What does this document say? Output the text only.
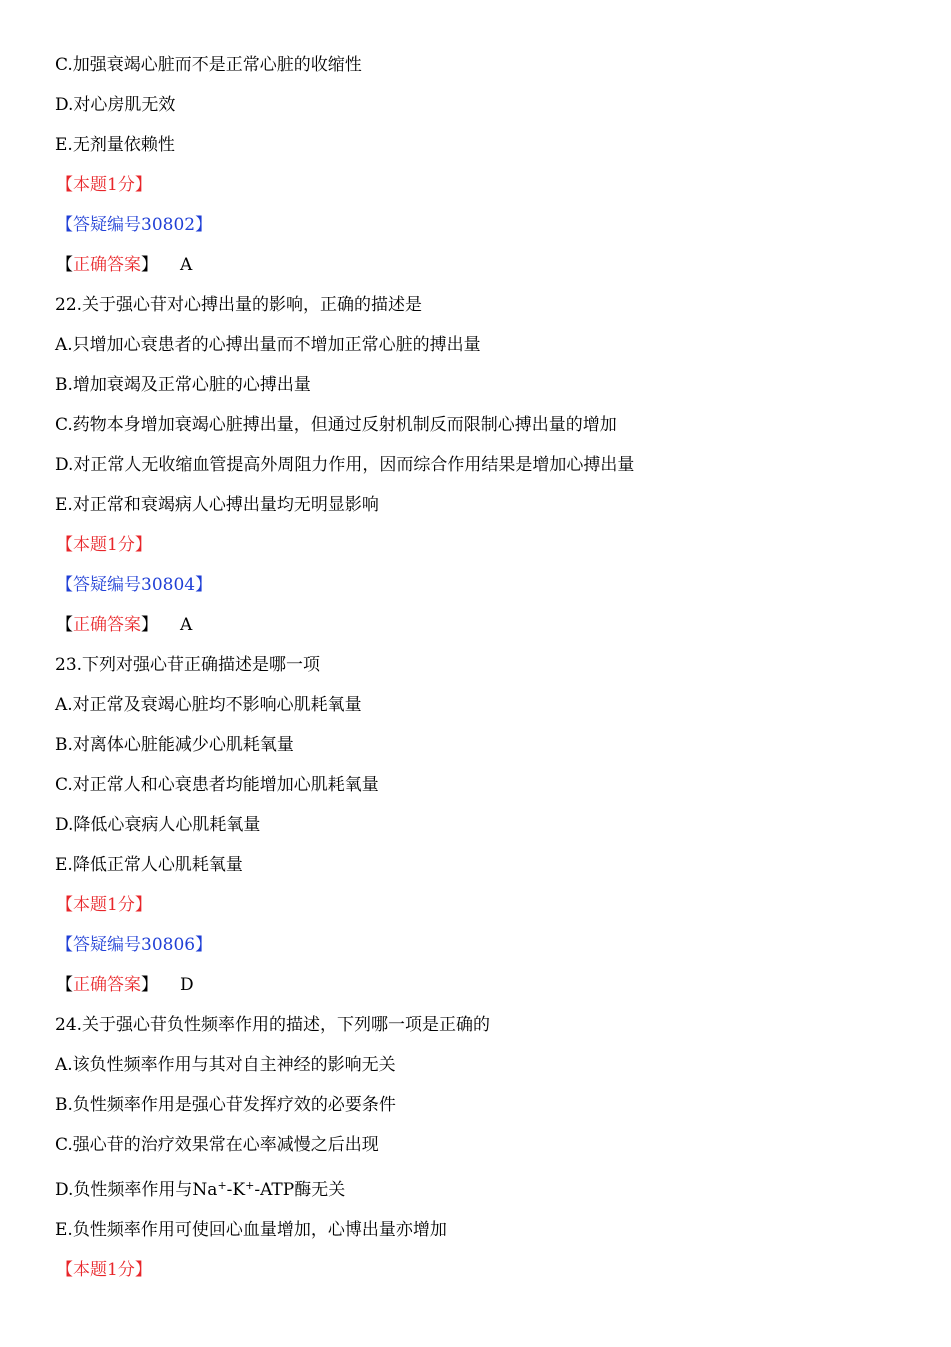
C.加强衰竭心脏而不是正常心脏的收缩性
D.对心房肌无效
E.无剂量依赖性
【本题1分】
【答疑编号30802】
【正确答案】 A
22.关于强心苷对心搏出量的影响，正确的描述是
A.只增加心衰患者的心搏出量而不增加正常心脏的搏出量
B.增加衰竭及正常心脏的心搏出量
C.药物本身增加衰竭心脏搏出量，但通过反射机制反而限制心搏出量的增加
D.对正常人无收缩血管提高外周阻力作用，因而综合作用结果是增加心搏出量
E.对正常和衰竭病人心搏出量均无明显影响
【本题1分】
【答疑编号30804】
【正确答案】 A
23.下列对强心苷正确描述是哪一项
A.对正常及衰竭心脏均不影响心肌耗氧量
B.对离体心脏能减少心肌耗氧量
C.对正常人和心衰患者均能增加心肌耗氧量
D.降低心衰病人心肌耗氧量
E.降低正常人心肌耗氧量
【本题1分】
【答疑编号30806】
【正确答案】 D
24.关于强心苷负性频率作用的描述，下列哪一项是正确的
A.该负性频率作用与其对自主神经的影响无关
B.负性频率作用是强心苷发挥疗效的必要条件
C.强心苷的治疗效果常在心率减慢之后出现
D.负性频率作用与Na+-K+-ATP酶无关
E.负性频率作用可使回心血量增加，心博出量亦增加
【本题1分】
